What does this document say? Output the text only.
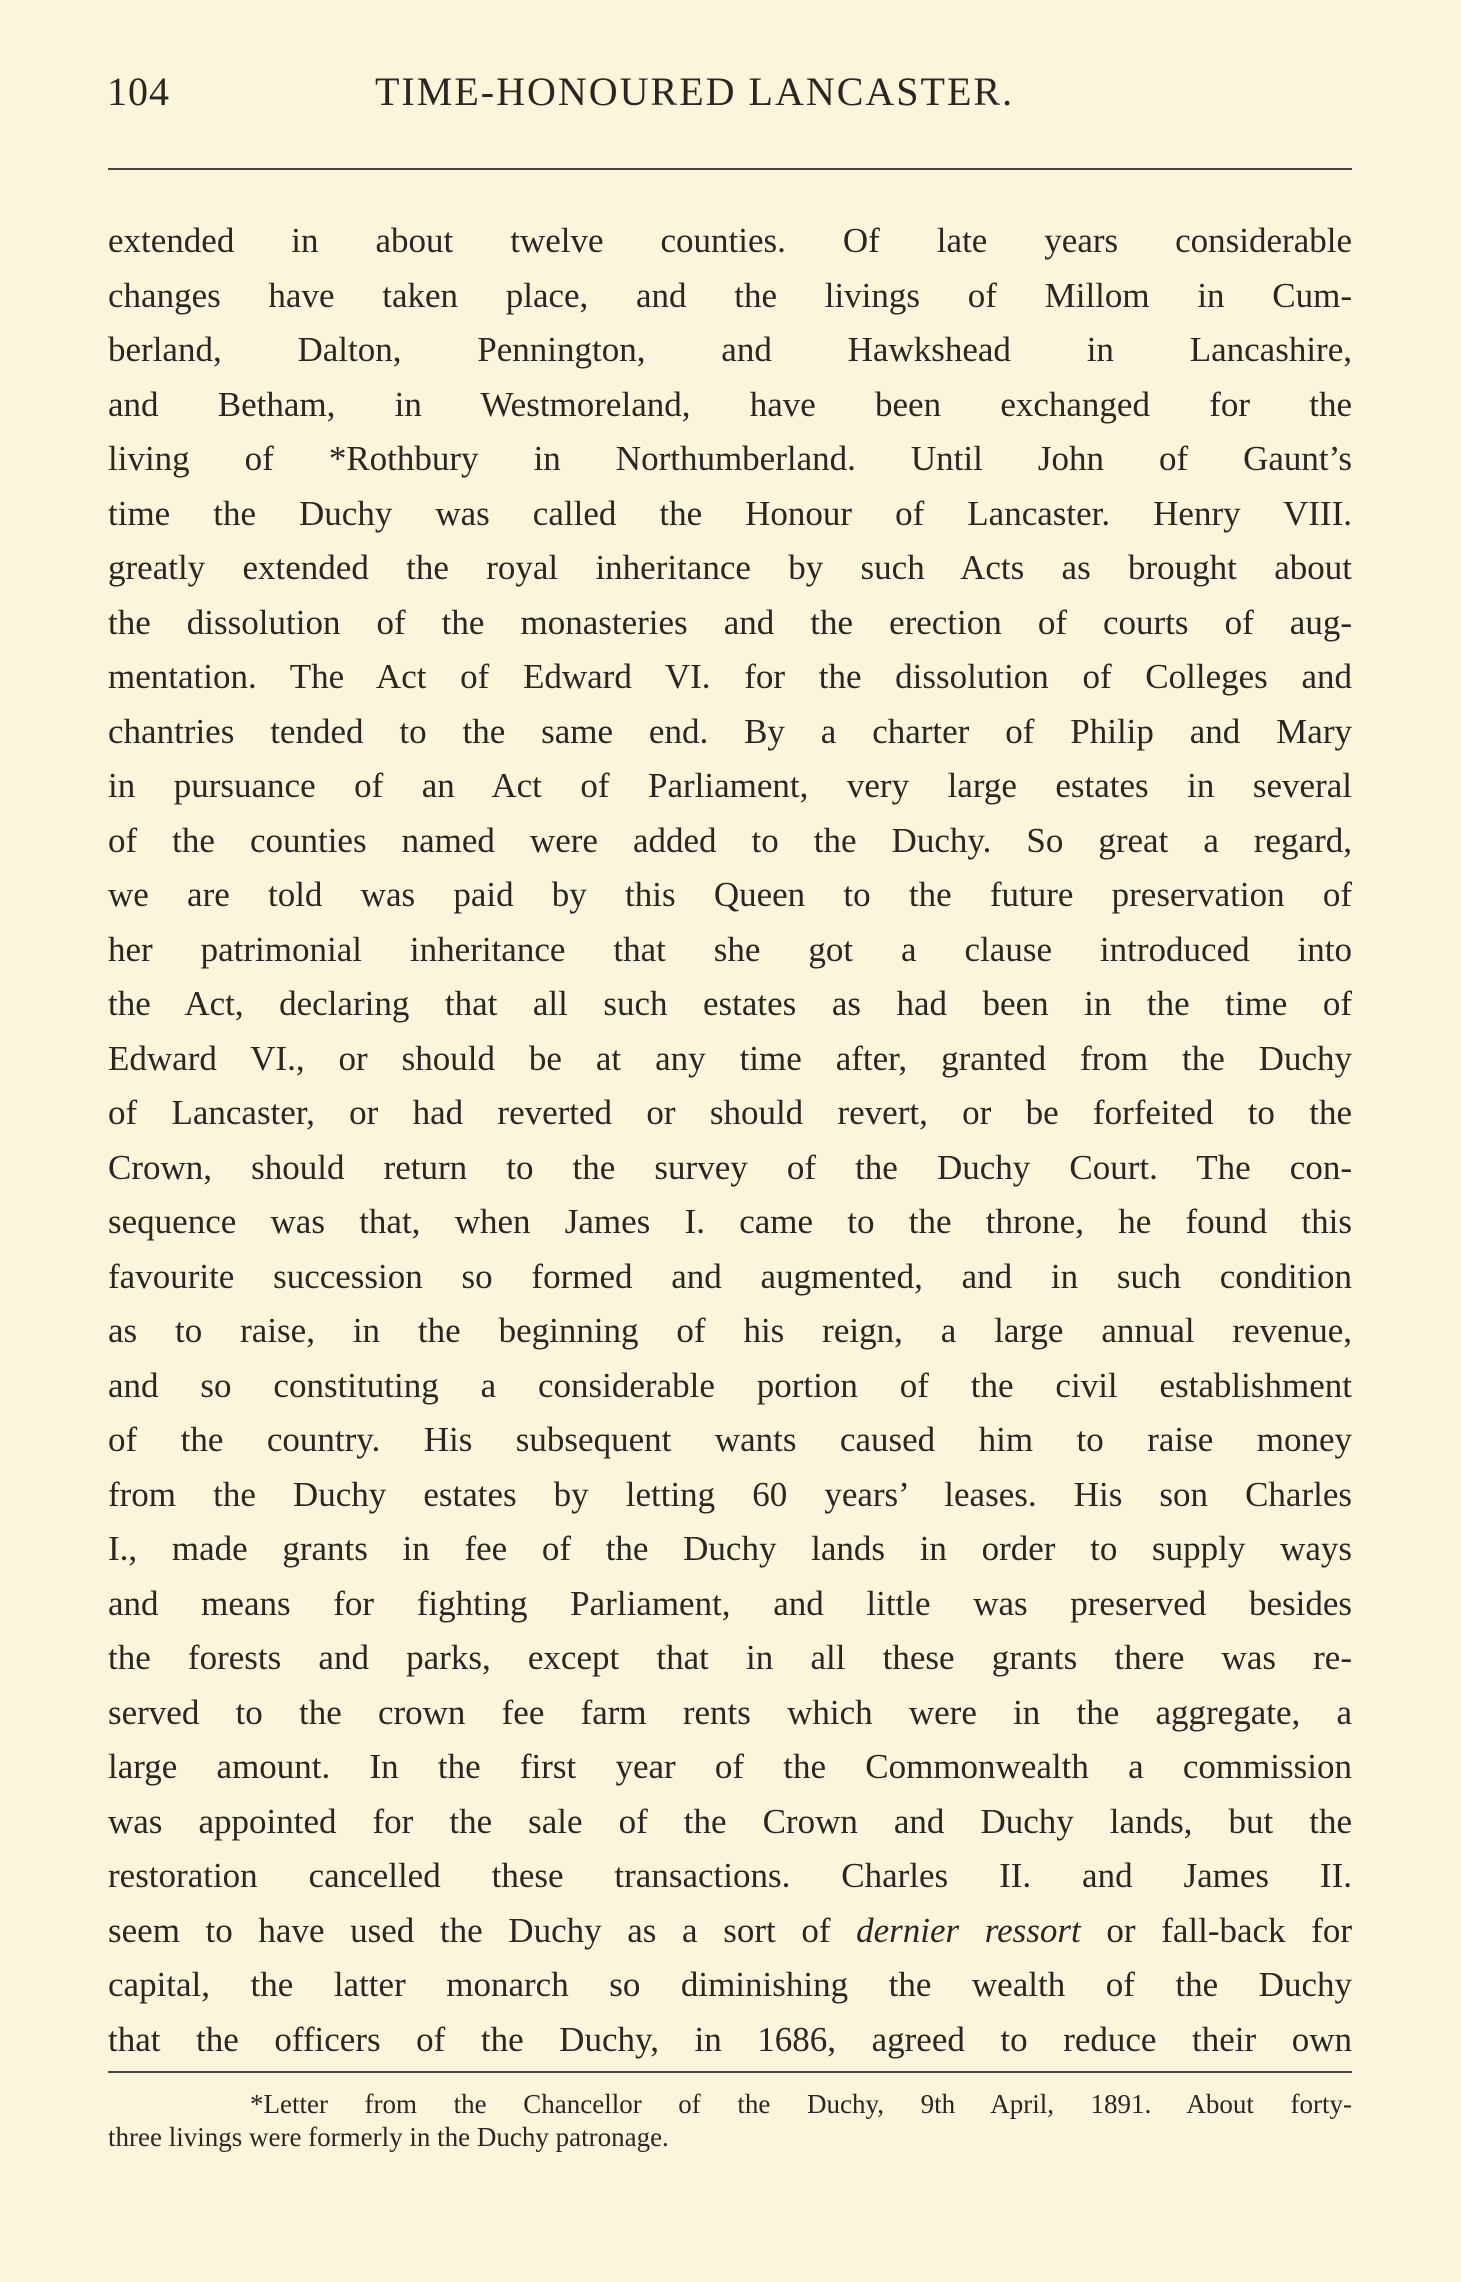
104	TIME-HONOURED LANCASTER.
extended in about twelve counties. Of late years considerable
changes have taken place, and the livings of Millom in Cum-
berland, Dalton, Pennington, and Hawkshead in Lancashire,
and Betham, in Westmoreland, have been exchanged for the
living of *Rothbury in Northumberland. Until John of Gaunt’s
time the Duchy was called the Honour of Lancaster. Henry VIII.
greatly extended the royal inheritance by such Acts as brought about
the dissolution of the monasteries and the erection of courts of aug-
mentation. The Act of Edward VI. for the dissolution of Colleges and
chantries tended to the same end. By a charter of Philip and Mary
in pursuance of an Act of Parliament, very large estates in several
of the counties named were added to the Duchy. So great a regard,
we are told was paid by this Queen to the future preservation of
her patrimonial inheritance that she got a clause introduced into
the Act, declaring that all such estates as had been in the time of
Edward VI., or should be at any time after, granted from the Duchy
of Lancaster, or had reverted or should revert, or be forfeited to the
Crown, should return to the survey of the Duchy Court. The con-
sequence was that, when James I. came to the throne, he found this
favourite succession so formed and augmented, and in such condition
as to raise, in the beginning of his reign, a large annual revenue,
and so constituting a considerable portion of the civil establishment
of the country. His subsequent wants caused him to raise money
from the Duchy estates by letting 60 years’ leases. His son Charles
I., made grants in fee of the Duchy lands in order to supply ways
and means for fighting Parliament, and little was preserved besides
the forests and parks, except that in all these grants there was re-
served to the crown fee farm rents which were in the aggregate, a
large amount. In the first year of the Commonwealth a commission
was appointed for the sale of the Crown and Duchy lands, but the
restoration cancelled these transactions. Charles II. and James II.
seem to have used the Duchy as a sort of dernier ressort or fall-back for
capital, the latter monarch so diminishing the wealth of the Duchy
that the officers of the Duchy, in 1686, agreed to reduce their own
*Letter from the Chancellor of the Duchy, 9th April, 1891. About forty-
three livings were formerly in the Duchy patronage.
